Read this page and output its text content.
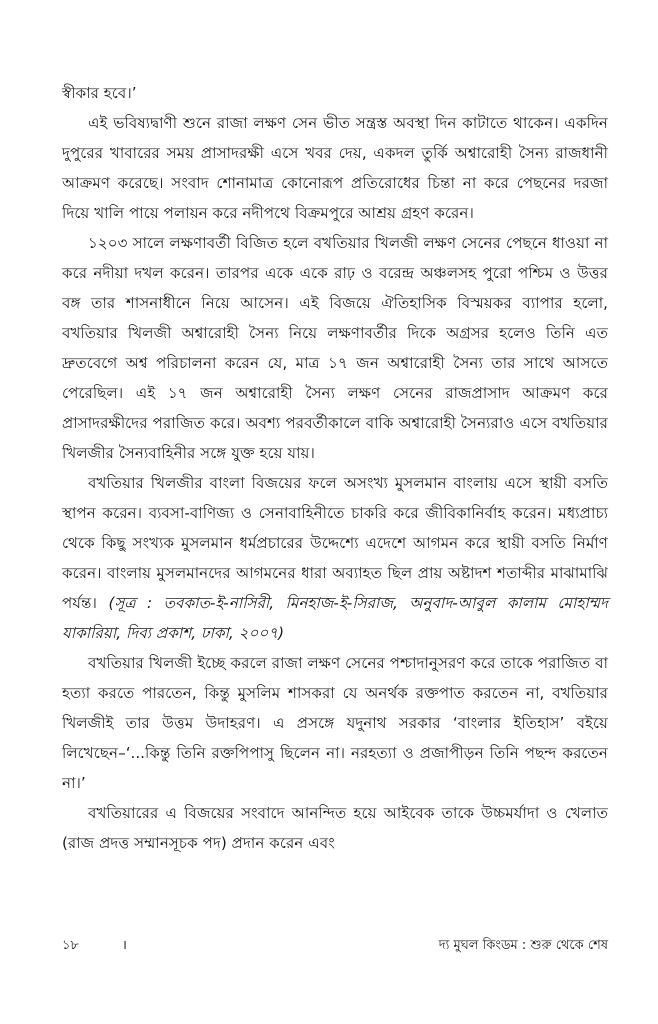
স্বীকার হবে।’

এই ভবিষ্যদ্বাণী শুনে রাজা লক্ষণ সেন ভীত সন্ত্রস্ত অবস্থা দিন কাটাতে থাকেন। একদিন দুপুরের খাবারের সময় প্রাসাদরক্ষী এসে খবর দেয়, একদল তুর্কি অশ্বারোহী সৈন্য রাজধানী আক্রমণ করেছে। সংবাদ শোনামাত্র কোনোরূপ প্রতিরোধের চিন্তা না করে পেছনের দরজা দিয়ে খালি পায়ে পলায়ন করে নদীপথে বিক্রমপুরে আশ্রয় গ্রহণ করেন।

১২০৩ সালে লক্ষণাবর্তী বিজিত হলে বখতিয়ার খিলজী লক্ষণ সেনের পেছনে ধাওয়া না করে নদীয়া দখল করেন। তারপর একে একে রাঢ় ও বরেন্দ্র অঞ্চলসহ পুরো পশ্চিম ও উত্তর বঙ্গ তার শাসনাধীনে নিয়ে আসেন। এই বিজয়ে ঐতিহাসিক বিস্ময়কর ব্যাপার হলো, বখতিয়ার খিলজী অশ্বারোহী সৈন্য নিয়ে লক্ষণাবর্তীর দিকে অগ্রসর হলেও তিনি এত দ্রুতবেগে অশ্ব পরিচালনা করেন যে, মাত্র ১৭ জন অশ্বারোহী সৈন্য তার সাথে আসতে পেরেছিল। এই ১৭ জন অশ্বারোহী সৈন্য লক্ষণ সেনের রাজপ্রাসাদ আক্রমণ করে প্রাসাদরক্ষীদের পরাজিত করে। অবশ্য পরবর্তীকালে বাকি অশ্বারোহী সৈন্যরাও এসে বখতিয়ার খিলজীর সৈন্যবাহিনীর সঙ্গে যুক্ত হয়ে যায়।

বখতিয়ার খিলজীর বাংলা বিজয়ের ফলে অসংখ্য মুসলমান বাংলায় এসে স্থায়ী বসতি স্থাপন করেন। ব্যবসা-বাণিজ্য ও সেনাবাহিনীতে চাকরি করে জীবিকানির্বাহ করেন। মধ্যপ্রাচ্য থেকে কিছু সংখ্যক মুসলমান ধর্মপ্রচারের উদ্দেশ্যে এদেশে আগমন করে স্থায়ী বসতি নির্মাণ করেন। বাংলায় মুসলমানদের আগমনের ধারা অব্যাহত ছিল প্রায় অষ্টাদশ শতাব্দীর মাঝামাঝি পর্যন্ত। (সূত্র : তবকাত-ই-নাসিরী, মিনহাজ-ই-সিরাজ, অনুবাদ-আবুল কালাম মোহাম্মদ যাকারিয়া, দিব্য প্রকাশ, ঢাকা, ২০০৭)

বখতিয়ার খিলজী ইচ্ছে করলে রাজা লক্ষণ সেনের পশ্চাদানুসরণ করে তাকে পরাজিত বা হত্যা করতে পারতেন, কিন্তু মুসলিম শাসকরা যে অনর্থক রক্তপাত করতেন না, বখতিয়ার খিলজীই তার উত্তম উদাহরণ। এ প্রসঙ্গে যদুনাথ সরকার ‘বাংলার ইতিহাস’ বইয়ে লিখেছেন–‘...কিন্তু তিনি রক্তপিপাসু ছিলেন না। নরহত্যা ও প্রজাপীড়ন তিনি পছন্দ করতেন না।’

বখতিয়ারের এ বিজয়ের সংবাদে আনন্দিত হয়ে আইবেক তাকে উচ্চমর্যাদা ও খেলাত (রাজ প্রদত্ত সম্মানসূচক পদ) প্রদান করেন এবং

১৮	।	দ্য মুঘল কিংডম : শুরু থেকে শেষ
